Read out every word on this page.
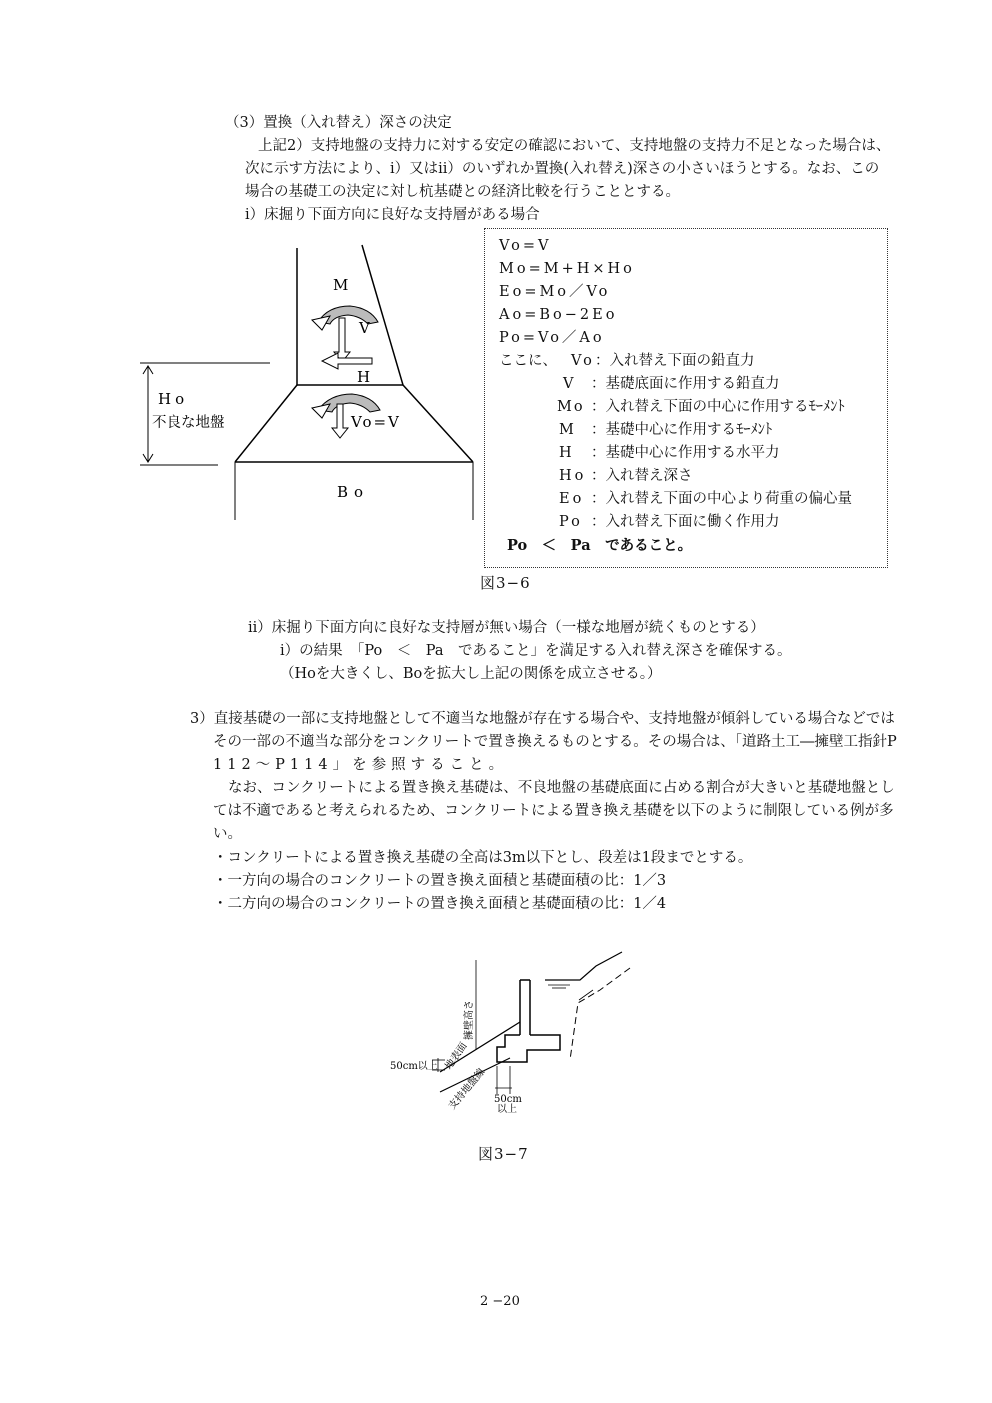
（3）置換（入れ替え）深さの決定
上記2）支持地盤の支持力に対する安定の確認において、支持地盤の支持力不足となった場合は、
次に示す方法により、ⅰ）又はⅱ）のいずれか置換(入れ替え)深さの小さいほうとする。なお、この
場合の基礎工の決定に対し杭基礎との経済比較を行うこととする。
ⅰ）床掘り下面方向に良好な支持層がある場合
M
V
H
Ho
不良な地盤	Vo=V
Bo
Vo=V
Mo=M+H×Ho
Eo=Mo／Vo
Ao=Bo−2Eo
Po=Vo／Ao
ここに、 Vo ：入れ替え下面の鉛直力
V ：基礎底面に作用する鉛直力
Mo ：入れ替え下面の中心に作用するﾓｰﾒﾝﾄ
M ：基礎中心に作用するﾓｰﾒﾝﾄ
H ：基礎中心に作用する水平力
Ho ：入れ替え深さ
Eo ：入れ替え下面の中心より荷重の偏心量
Po ：入れ替え下面に働く作用力
Po　＜　Pa　であること。
図3−6
ⅱ）床掘り下面方向に良好な支持層が無い場合（一様な地層が続くものとする）
ⅰ）の結果　「Po　＜　Pa　であること」を満足する入れ替え深さを確保する。
（Hoを大きくし、Boを拡大し上記の関係を成立させる。）
3）直接基礎の一部に支持地盤として不適当な地盤が存在する場合や、支持地盤が傾斜している場合などでは
その一部の不適当な部分をコンクリートで置き換えるものとする。その場合は、「道路土工―擁壁工指針P
112〜P114」を参照すること。
なお、コンクリートによる置き換え基礎は、不良地盤の基礎底面に占める割合が大きいと基礎地盤とし
ては不適であると考えられるため、コンクリートによる置き換え基礎を以下のように制限している例が多
い。
・コンクリートによる置き換え基礎の全高は3m以下とし、段差は1段までとする。
・一方向の場合のコンクリートの置き換え面積と基礎面積の比：1／3
・二方向の場合のコンクリートの置き換え面積と基礎面積の比：1／4
擁壁高さ
地表面
支持地盤線
50cm以上
50cm
以上
図3−7
2 −20
